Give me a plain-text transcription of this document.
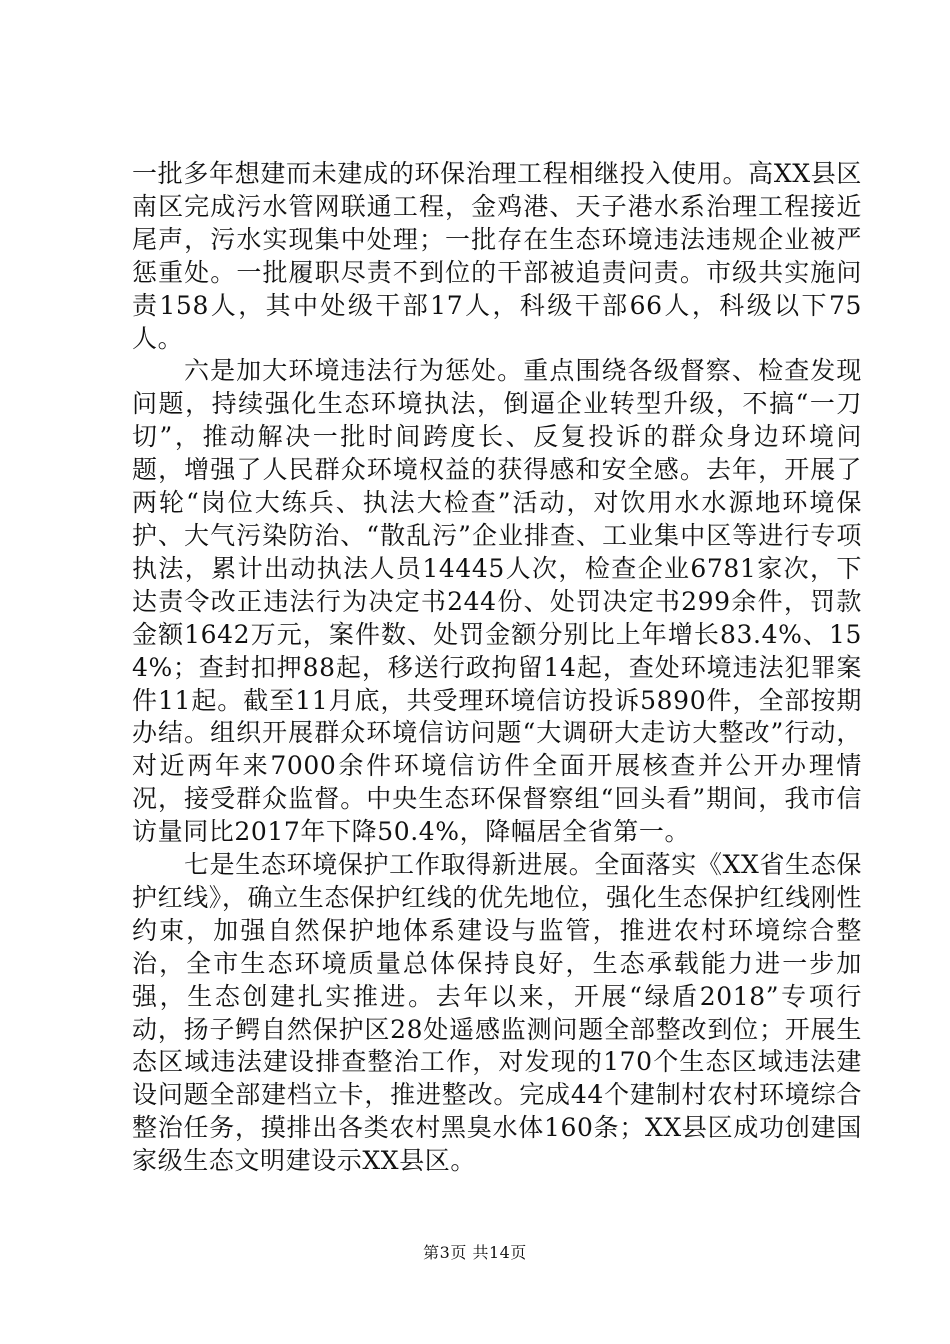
一批多年想建而未建成的环保治理工程相继投入使用。高XX县区南区完成污水管网联通工程，金鸡港、天子港水系治理工程接近尾声，污水实现集中处理；一批存在生态环境违法违规企业被严惩重处。一批履职尽责不到位的干部被追责问责。市级共实施问责158人，其中处级干部17人，科级干部66人，科级以下75人。

六是加大环境违法行为惩处。重点围绕各级督察、检查发现问题，持续强化生态环境执法，倒逼企业转型升级，不搞“一刀切”，推动解决一批时间跨度长、反复投诉的群众身边环境问题，增强了人民群众环境权益的获得感和安全感。去年，开展了两轮“岗位大练兵、执法大检查”活动，对饮用水水源地环境保护、大气污染防治、“散乱污”企业排查、工业集中区等进行专项执法，累计出动执法人员14445人次，检查企业6781家次，下达责令改正违法行为决定书244份、处罚决定书299余件，罚款金额1642万元，案件数、处罚金额分别比上年增长83.4%、154%；查封扣押88起，移送行政拘留14起，查处环境违法犯罪案件11起。截至11月底，共受理环境信访投诉5890件，全部按期办结。组织开展群众环境信访问题“大调研大走访大整改”行动，对近两年来7000余件环境信访件全面开展核查并公开办理情况，接受群众监督。中央生态环保督察组“回头看”期间，我市信访量同比2017年下降50.4%，降幅居全省第一。

七是生态环境保护工作取得新进展。全面落实《XX省生态保护红线》，确立生态保护红线的优先地位，强化生态保护红线刚性约束，加强自然保护地体系建设与监管，推进农村环境综合整治，全市生态环境质量总体保持良好，生态承载能力进一步加强，生态创建扎实推进。去年以来，开展“绿盾2018”专项行动，扬子鳄自然保护区28处遥感监测问题全部整改到位；开展生态区域违法建设排查整治工作，对发现的170个生态区域违法建设问题全部建档立卡，推进整改。完成44个建制村农村环境综合整治任务，摸排出各类农村黑臭水体160条；XX县区成功创建国家级生态文明建设示XX县区。

第3页 共14页
